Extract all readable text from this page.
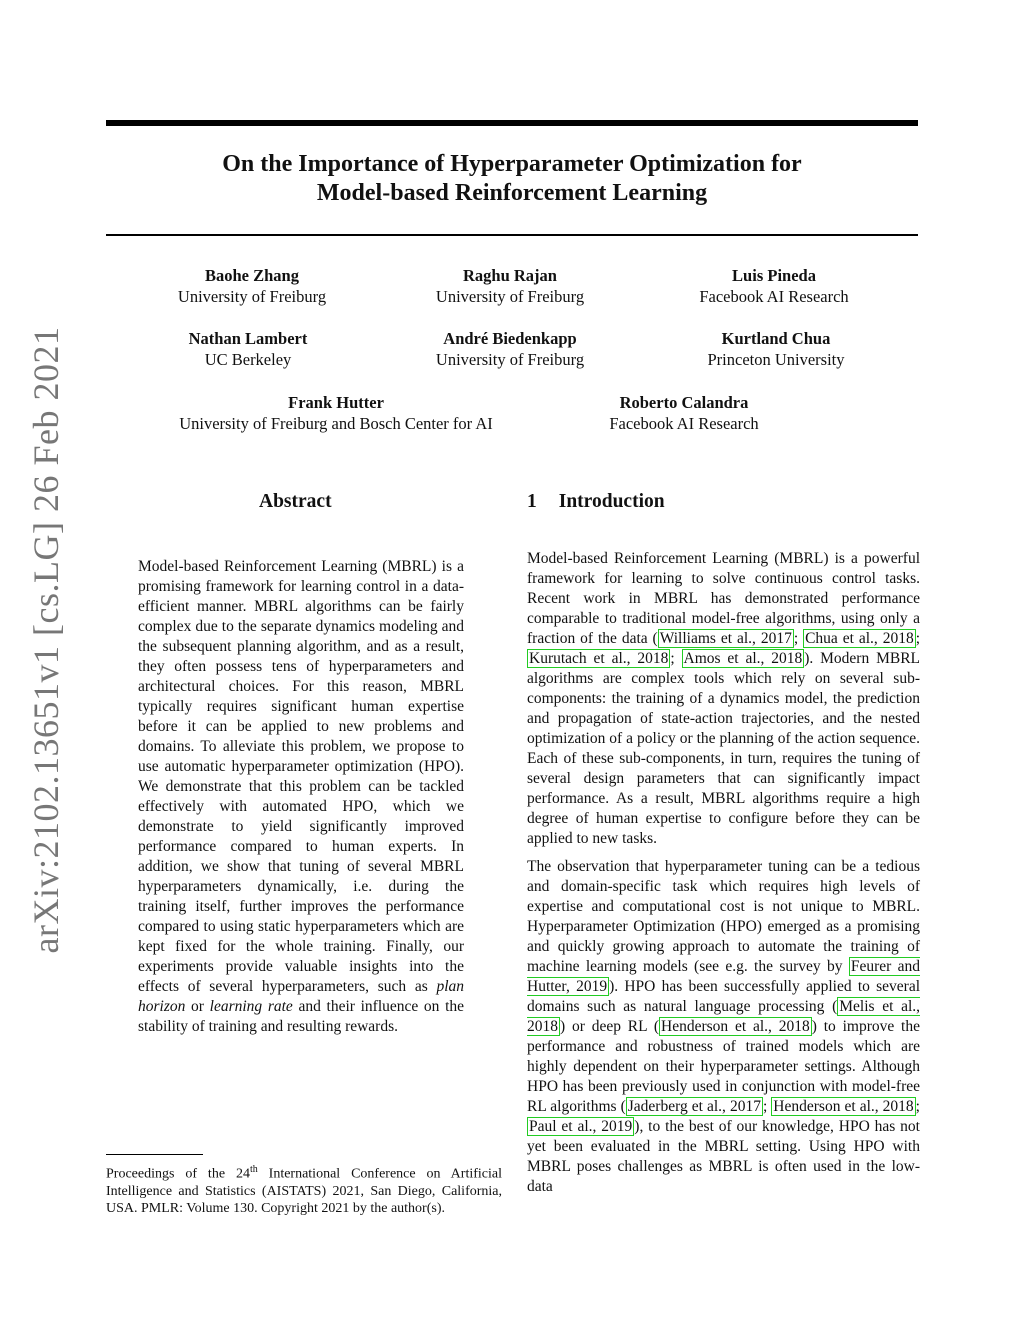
On the Importance of Hyperparameter Optimization for
Model-based Reinforcement Learning
Baohe Zhang
University of Freiburg
Raghu Rajan
University of Freiburg
Luis Pineda
Facebook AI Research
Nathan Lambert
UC Berkeley
André Biedenkapp
University of Freiburg
Kurtland Chua
Princeton University
Frank Hutter
University of Freiburg and Bosch Center for AI
Roberto Calandra
Facebook AI Research
arXiv:2102.13651v1 [cs.LG] 26 Feb 2021	Abstract

Model-based Reinforcement Learning (MBRL) is a promising framework for learning control in a data-efficient manner. MBRL algorithms can be fairly complex due to the separate dynamics modeling and the subsequent planning algorithm, and as a result, they often possess tens of hyperparameters and architectural choices. For this reason, MBRL typically requires significant human expertise before it can be applied to new problems and domains. To alleviate this problem, we propose to use automatic hyperparameter optimization (HPO). We demonstrate that this problem can be tackled effectively with automated HPO, which we demonstrate to yield significantly improved performance compared to human experts. In addition, we show that tuning of several MBRL hyperparameters dynamically, i.e. during the training itself, further improves the performance compared to using static hyperparameters which are kept fixed for the whole training. Finally, our experiments provide valuable insights into the effects of several hyperparameters, such as plan horizon or learning rate and their influence on the stability of training and resulting rewards.

1 Introduction

Model-based Reinforcement Learning (MBRL) is a powerful framework for learning to solve continuous control tasks. Recent work in MBRL has demonstrated performance comparable to traditional model-free algorithms, using only a fraction of the data ( Williams et al., 2017 ; Chua et al., 2018 ; Kurutach et al., 2018 ; Amos et al., 2018 ). Modern MBRL algorithms are complex tools which rely on several sub-components: the training of a dynamics model, the prediction and propagation of state-action trajectories, and the nested optimization of a policy or the planning of the action sequence. Each of these sub-components, in turn, requires the tuning of several design parameters that can significantly impact performance. As a result, MBRL algorithms require a high degree of human expertise to configure before they can be applied to new tasks.

The observation that hyperparameter tuning can be a tedious and domain-specific task which requires high levels of expertise and computational cost is not unique to MBRL. Hyperparameter Optimization (HPO) emerged as a promising and quickly growing approach to automate the training of machine learning models (see e.g. the survey by Feurer and Hutter, 2019 ). HPO has been successfully applied to several domains such as natural language processing ( Melis et al., 2018 ) or deep RL ( Henderson et al., 2018 ) to improve the performance and robustness of trained models which are highly dependent on their hyperparameter settings. Although HPO has been previously used in conjunction with model-free RL algorithms ( Jaderberg et al., 2017 ; Henderson et al., 2018 ; Paul et al., 2019 ), to the best of our knowledge, HPO has not yet been evaluated in the MBRL setting. Using HPO with MBRL poses challenges as MBRL is often used in the low-data

Proceedings of the 24th International Conference on Artificial Intelligence and Statistics (AISTATS) 2021, San Diego, California, USA. PMLR: Volume 130. Copyright 2021 by the author(s).
